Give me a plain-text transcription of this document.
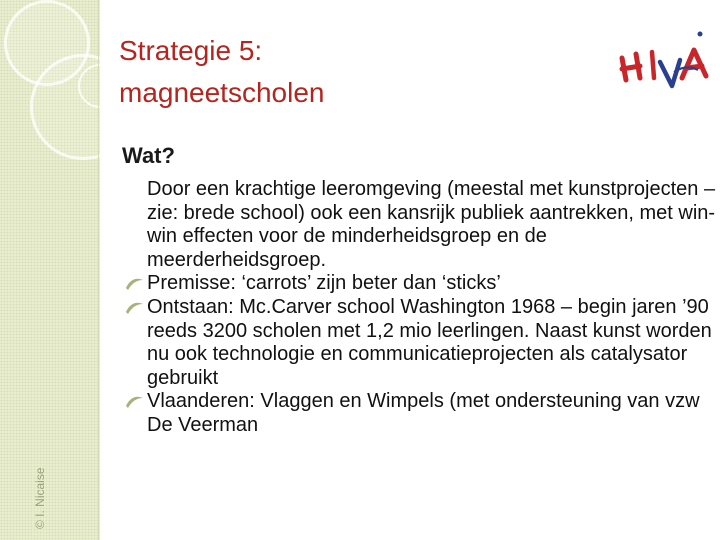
Strategie 5:
magneetscholen
Wat?

Door een krachtige leeromgeving (meestal met kunstprojecten – zie: brede school) ook een kansrijk publiek aantrekken, met win-win effecten voor de minderheidsgroep en de meerderheidsgroep.

Premisse: ‘carrots’ zijn beter dan ‘sticks’

Ontstaan: Mc.Carver school Washington 1968 – begin jaren ’90 reeds 3200 scholen met 1,2 mio leerlingen. Naast kunst worden nu ook technologie en communicatieprojecten als catalysator gebruikt

Vlaanderen: Vlaggen en Wimpels (met ondersteuning van vzw De Veerman

© I. Nicaise
